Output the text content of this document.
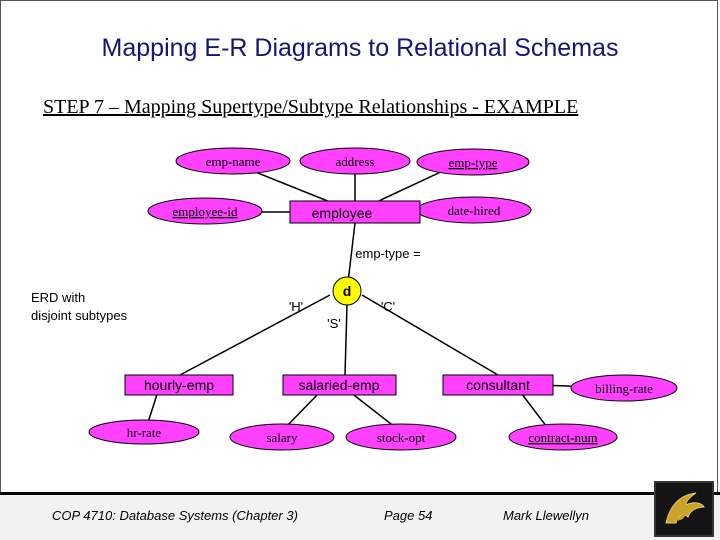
Mapping E-R Diagrams to Relational Schemas
STEP 7 – Mapping Supertype/Subtype Relationships - EXAMPLE
emp-name	address	emp-type
employee-id	date-hired
employee
emp-type =
d
'H'
'S'
'C'
ERD with
disjoint subtypes
hourly-emp	salaried-emp	consultant	billing-rate
hr-rate	salary	stock-opt	contract-num
COP 4710: Database Systems (Chapter 3)	Page 54	Mark Llewellyn
